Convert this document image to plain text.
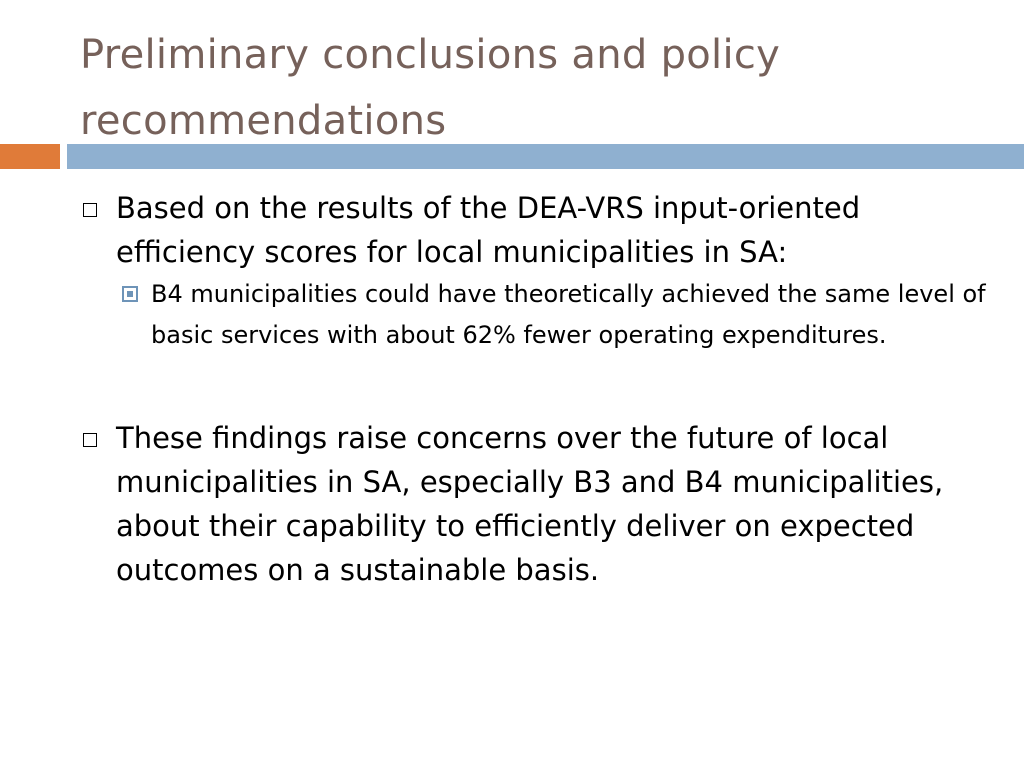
Preliminary conclusions and policy recommendations
Based on the results of the DEA-VRS input-oriented efficiency scores for local municipalities in SA:
B4 municipalities could have theoretically achieved the same level of basic services with about 62% fewer operating expenditures.
These findings raise concerns over the future of local municipalities in SA, especially B3 and B4 municipalities, about their capability to efficiently deliver on expected outcomes on a sustainable basis.
